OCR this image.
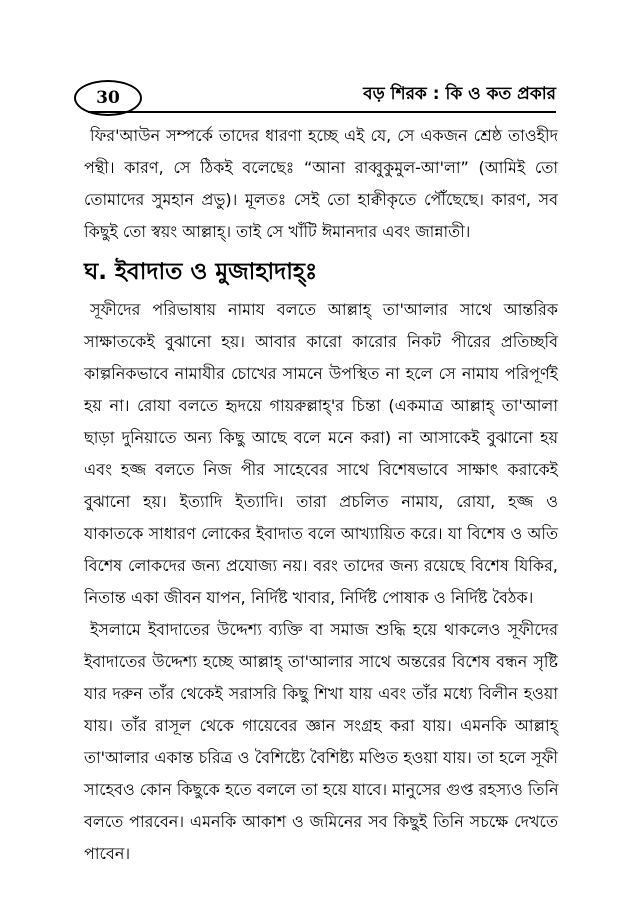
30	বড় শিরক : কি ও কত প্রকার
ফির'আউন সম্পর্কে তাদের ধারণা হচ্ছে এই যে, সে একজন শ্রেষ্ঠ তাওহীদ
পন্থী। কারণ, সে ঠিকই বলেছেঃ “আনা রাব্বুকুমুল-আ'লা” (আমিই তো
তোমাদের সুমহান প্রভু)। মূলতঃ সেই তো হাক্বীকৃতে পৌঁছেছে। কারণ, সব
কিছুই তো স্বয়ং আল্লাহ্। তাই সে খাঁটি ঈমানদার এবং জান্নাতী।
ঘ. ইবাদাত ও মুজাহাদাহ্ঃ
সূফীদের পরিভাষায় নামায বলতে আল্লাহ্ তা'আলার সাথে আন্তরিক
সাক্ষাতকেই বুঝানো হয়। আবার কারো কারোর নিকট পীরের প্রতিচ্ছবি
কাল্পনিকভাবে নামাযীর চোখের সামনে উপস্থিত না হলে সে নামায পরিপূর্ণই
হয় না। রোযা বলতে হৃদয়ে গায়রুল্লাহ্'র চিন্তা (একমাত্র আল্লাহ্ তা'আলা
ছাড়া দুনিয়াতে অন্য কিছু আছে বলে মনে করা) না আসাকেই বুঝানো হয়
এবং হজ্জ বলতে নিজ পীর সাহেবের সাথে বিশেষভাবে সাক্ষাৎ করাকেই
বুঝানো হয়। ইত্যাদি ইত্যাদি। তারা প্রচলিত নামায, রোযা, হজ্জ ও
যাকাতকে সাধারণ লোকের ইবাদাত বলে আখ্যায়িত করে। যা বিশেষ ও অতি
বিশেষ লোকদের জন্য প্রযোজ্য নয়। বরং তাদের জন্য রয়েছে বিশেষ যিকির,
নিতান্ত একা জীবন যাপন, নির্দিষ্ট খাবার, নির্দিষ্ট পোষাক ও নির্দিষ্ট বৈঠক।
ইসলামে ইবাদাতের উদ্দেশ্য ব্যক্তি বা সমাজ শুদ্ধি হয়ে থাকলেও সূফীদের
ইবাদাতের উদ্দেশ্য হচ্ছে আল্লাহ্ তা'আলার সাথে অন্তরের বিশেষ বন্ধন সৃষ্টি
যার দরুন তাঁর থেকেই সরাসরি কিছু শিখা যায় এবং তাঁর মধ্যে বিলীন হওয়া
যায়। তাঁর রাসূল থেকে গায়েবের জ্ঞান সংগ্রহ করা যায়। এমনকি আল্লাহ্
তা'আলার একান্ত চরিত্র ও বৈশিষ্ট্যে বৈশিষ্ট্য মণ্ডিত হওয়া যায়। তা হলে সূফী
সাহেবও কোন কিছুকে হতে বললে তা হয়ে যাবে। মানুসের গুপ্ত রহস্যও তিনি
বলতে পারবেন। এমনকি আকাশ ও জমিনের সব কিছুই তিনি সচক্ষে দেখতে
পাবেন।
